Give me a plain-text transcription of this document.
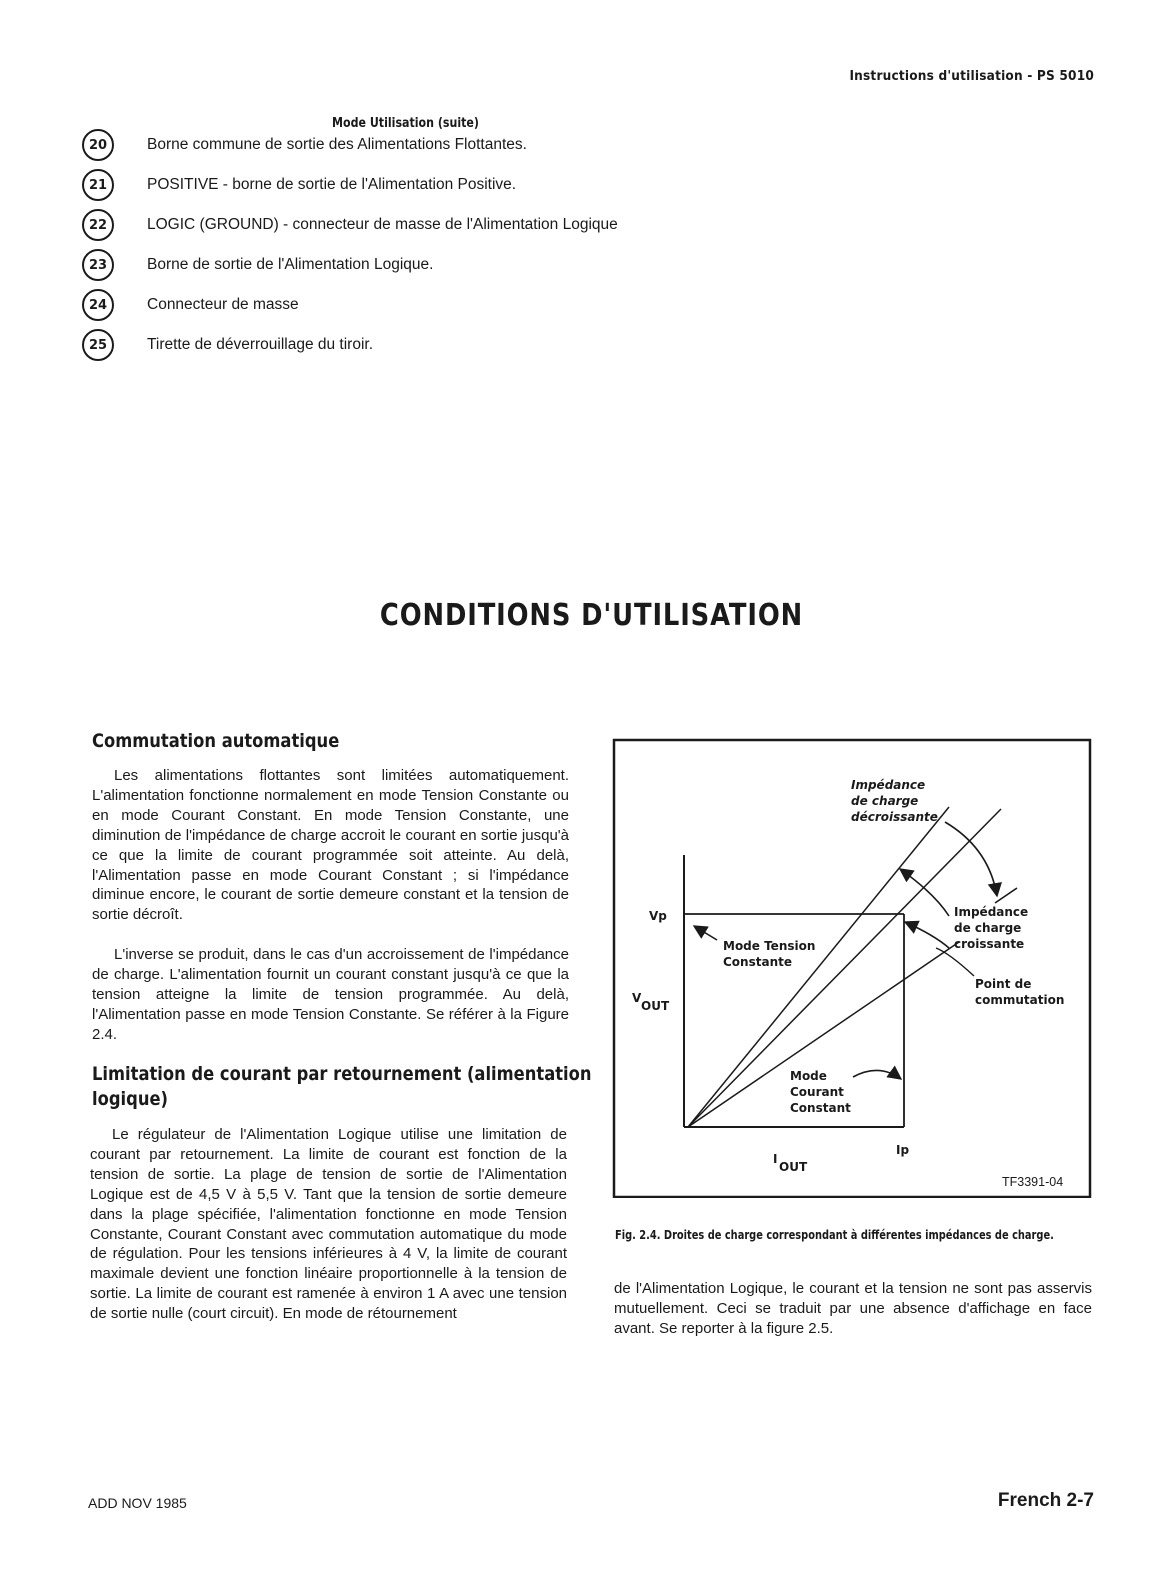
Instructions d'utilisation - PS 5010
Mode Utilisation (suite)
20	Borne commune de sortie des Alimentations Flottantes.
21	POSITIVE - borne de sortie de l'Alimentation Positive.
22	LOGIC (GROUND) - connecteur de masse de l'Alimentation Logique
23	Borne de sortie de l'Alimentation Logique.
24	Connecteur de masse
25	Tirette de déverrouillage du tiroir.
CONDITIONS D'UTILISATION
Commutation automatique

Les alimentations flottantes sont limitées automatiquement. L'alimentation fonctionne normalement en mode Tension Constante ou en mode Courant Constant. En mode Tension Constante, une diminution de l'impédance de charge accroit le courant en sortie jusqu'à ce que la limite de courant programmée soit atteinte. Au delà, l'Alimentation passe en mode Courant Constant ; si l'impédance diminue encore, le courant de sortie demeure constant et la tension de sortie décroît.

L'inverse se produit, dans le cas d'un accroissement de l'impédance de charge. L'alimentation fournit un courant constant jusqu'à ce que la tension atteigne la limite de tension programmée. Au delà, l'Alimentation passe en mode Tension Constante. Se référer à la Figure 2.4.

Limitation de courant par retournement (alimentation
logique)

Le régulateur de l'Alimentation Logique utilise une limitation de courant par retournement. La limite de courant est fonction de la tension de sortie. La plage de tension de sortie de l'Alimentation Logique est de 4,5 V à 5,5 V. Tant que la tension de sortie demeure dans la plage spécifiée, l'alimentation fonctionne en mode Tension Constante, Courant Constant avec commutation automatique du mode de régulation. Pour les tensions inférieures à 4 V, la limite de courant maximale devient une fonction linéaire proportionnelle à la tension de sortie. La limite de courant est ramenée à environ 1 A avec une tension de sortie nulle (court circuit). En mode de rétournement

de l'Alimentation Logique, le courant et la tension ne sont pas asservis mutuellement. Ceci se traduit par une absence d'affichage en face avant. Se reporter à la figure 2.5.

Vp
V
OUT
I
OUT
Ip
Impédance
de charge
décroissante
Impédance
de charge
croissante
Mode Tension
Constante
Point de
commutation
Mode
Courant
Constant
TF3391-04
Fig. 2.4. Droites de charge correspondant à différentes impédances de charge.
ADD NOV 1985	French 2-7
